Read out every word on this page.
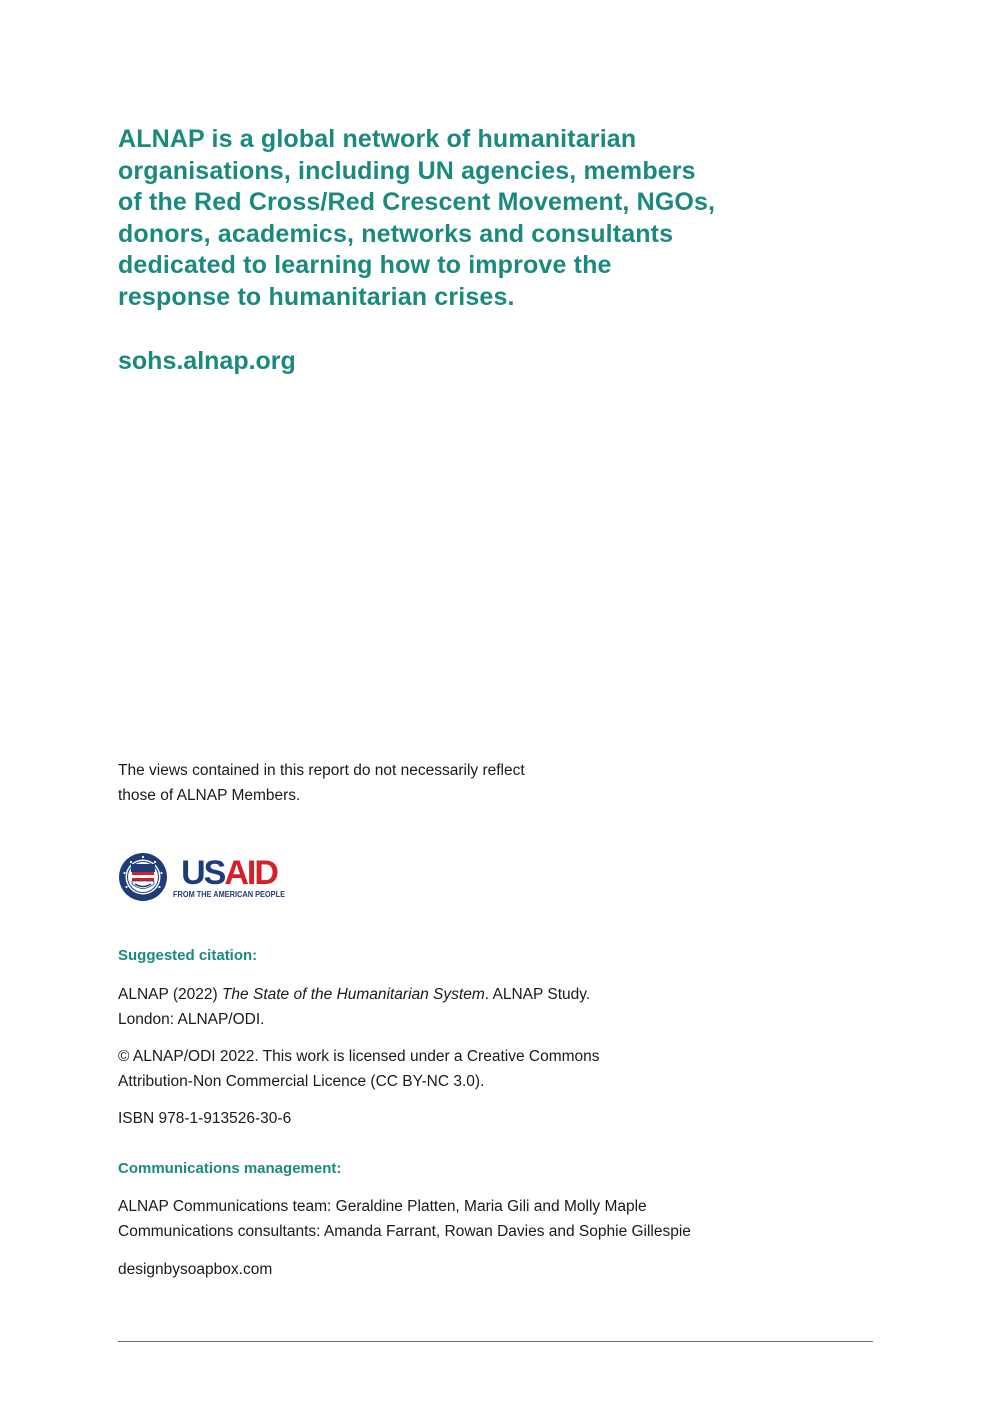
ALNAP is a global network of humanitarian
organisations, including UN agencies, members
of the Red Cross/Red Crescent Movement, NGOs,
donors, academics, networks and consultants
dedicated to learning how to improve the
response to humanitarian crises.

sohs.alnap.org

The views contained in this report do not necessarily reflect
those of ALNAP Members.

USAID
FROM THE AMERICAN PEOPLE

Suggested citation:

ALNAP (2022) The State of the Humanitarian System. ALNAP Study.
London: ALNAP/ODI.

© ALNAP/ODI 2022. This work is licensed under a Creative Commons
Attribution-Non Commercial Licence (CC BY-NC 3.0).

ISBN 978-1-913526-30-6

Communications management:

ALNAP Communications team: Geraldine Platten, Maria Gili and Molly Maple
Communications consultants: Amanda Farrant, Rowan Davies and Sophie Gillespie

designbysoapbox.com
